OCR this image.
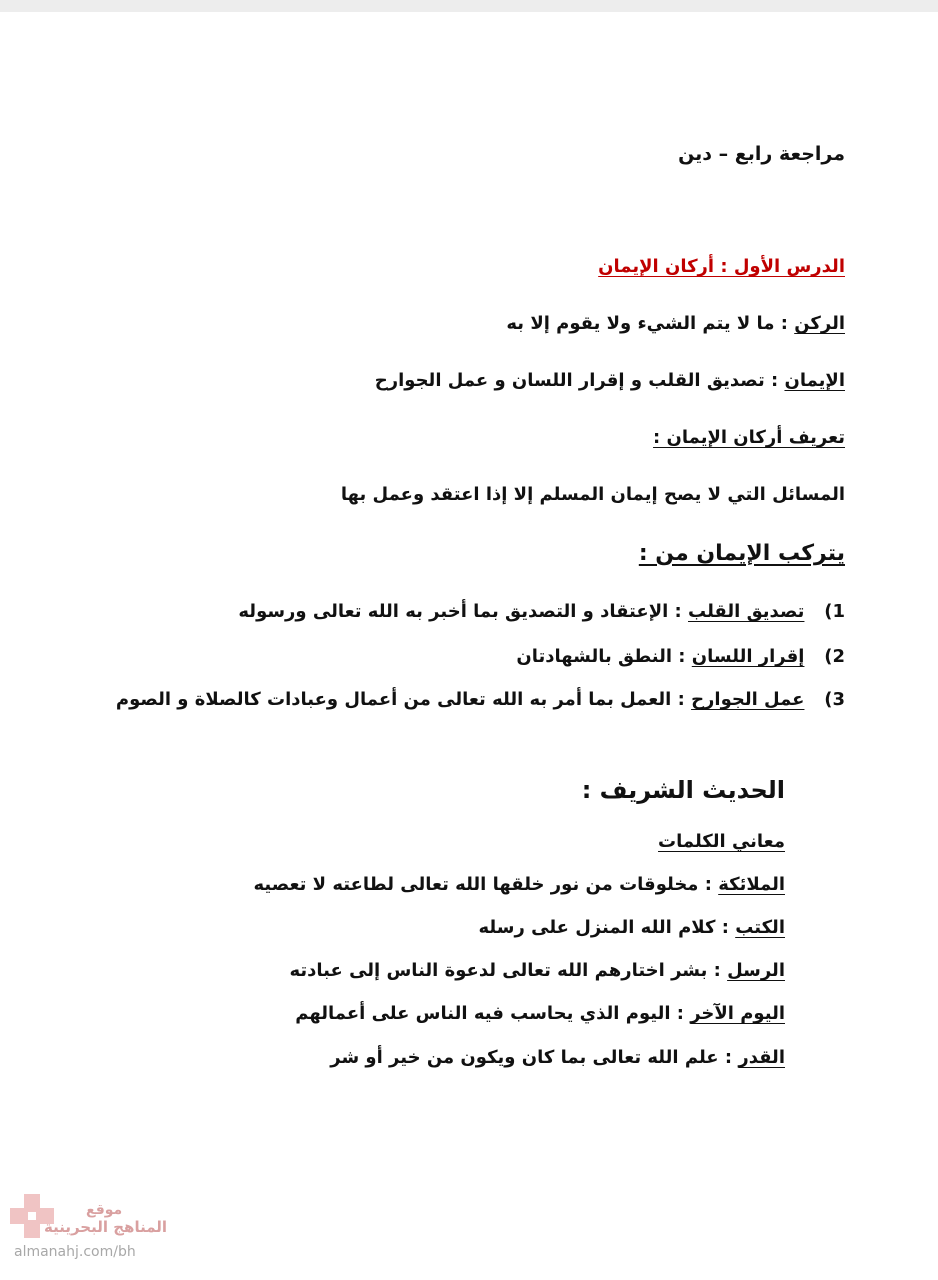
مراجعة رابع – دين
الدرس الأول : أركان الإيمان
الركن : ما لا يتم الشيء ولا يقوم إلا به
الإيمان : تصديق القلب و إقرار اللسان و عمل الجوارح
تعريف أركان الإيمان :
المسائل التي لا يصح إيمان المسلم إلا إذا اعتقد وعمل بها
يتركب الإيمان من :
1)  تصديق القلب : الإعتقاد و التصديق بما أخبر به الله تعالى ورسوله
2)  إقرار اللسان : النطق بالشهادتان
3)  عمل الجوارح : العمل بما أمر به الله تعالى من أعمال وعبادات كالصلاة و الصوم
الحديث الشريف :
معاني الكلمات
الملائكة : مخلوقات من نور خلقها الله تعالى لطاعته لا تعصيه
الكتب : كلام الله المنزل على رسله
الرسل : بشر اختارهم الله تعالى لدعوة الناس إلى عبادته
اليوم الآخر : اليوم الذي يحاسب فيه الناس على أعمالهم
القدر : علم الله تعالى بما كان ويكون من خير أو شر
موقع
المناهج البحرينية
almanahj.com/bh
